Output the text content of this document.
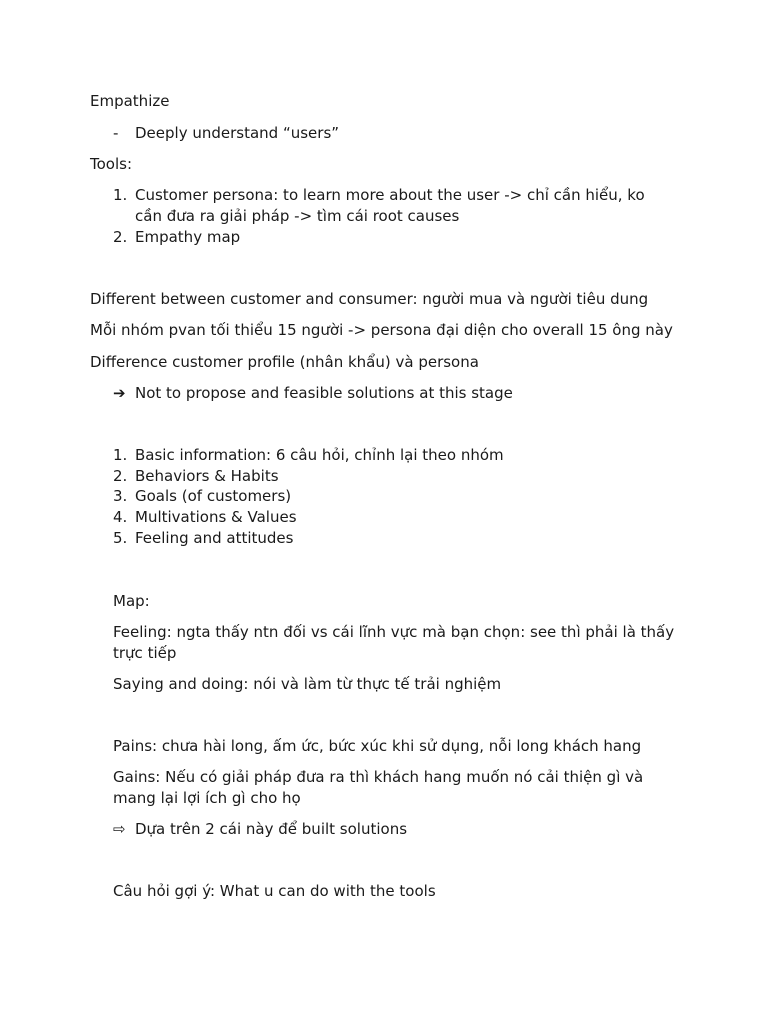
Empathize
- Deeply understand “users”
Tools:
1. Customer persona: to learn more about the user -> chỉ cần hiểu, ko
cần đưa ra giải pháp -> tìm cái root causes
2. Empathy map
Different between customer and consumer: người mua và người tiêu dung
Mỗi nhóm pvan tối thiểu 15 người -> persona đại diện cho overall 15 ông này
Difference customer profile (nhân khẩu) và persona
➔ Not to propose and feasible solutions at this stage
1. Basic information: 6 câu hỏi, chỉnh lại theo nhóm
2. Behaviors & Habits
3. Goals (of customers)
4. Multivations & Values
5. Feeling and attitudes
Map:
Feeling: ngta thấy ntn đối vs cái lĩnh vực mà bạn chọn: see thì phải là thấy
trực tiếp
Saying and doing: nói và làm từ thực tế trải nghiệm
Pains: chưa hài long, ấm ức, bức xúc khi sử dụng, nỗi long khách hang
Gains: Nếu có giải pháp đưa ra thì khách hang muốn nó cải thiện gì và
mang lại lợi ích gì cho họ
⇨ Dựa trên 2 cái này để built solutions
Câu hỏi gợi ý: What u can do with the tools
